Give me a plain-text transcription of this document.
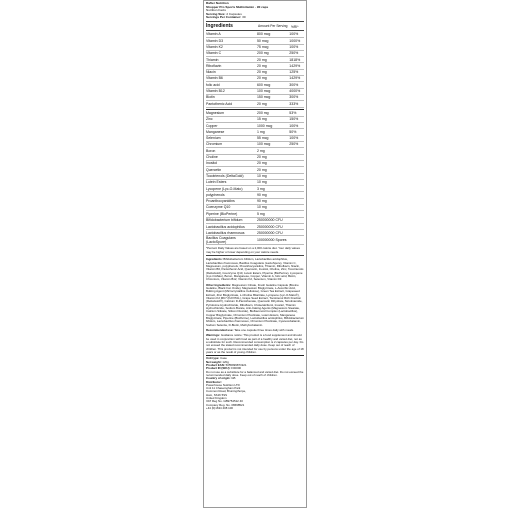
Rafter Nutrition
Shopper Pro Sports Multivitamin - 90 caps
Nutrition Facts
Serving Size: 2 Capsules
Servings Per Container: 30
Ingredients	Amount Per Serving	%RI*
Vitamin A	800 mcg	100%
Vitamin D3	50 mcg	1000%
Vitamin K2	75 mcg	100%
Vitamin C	200 mg	250%
Thiamin	20 mg	1818%
Riboflavin	20 mg	1429%
Niacin	20 mg	125%
Vitamin B6	20 mg	1429%
folic acid	600 mcg	300%
Vitamin B12	100 mcg	4000%
Biotin	150 mcg	300%
Pantothenic Acid	20 mg	333%
Magnesium	200 mg	53%
Zinc	15 mg	150%
Copper	1000 mcg	100%
Manganese	1 mg	50%
Selenium	55 mcg	100%
Chromium	100 mcg	250%
Boron	2 mg
Choline	20 mg
Inositol	20 mg
Quercetin	20 mg
Tocotrienols (DeltaGold)	10 mg
Lutein Esters	10 mg
Lycopene (Lyc-O-Mato)	3 mg
polyphenols	90 mg
Proanthocyanidins	90 mg
Coenzyme Q10	10 mg
Piperine (BioPerine)	5 mg
Bifidobacterium bifidum	250000000 CFU
Lactobacillus acidophilus	250000000 CFU
Lactobacillus rhamnosus	250000000 CFU
Bacillus Coagulans (LactoSpore)	100000000 Spores
*Percent Daily Values are based on a 2,000 calorie diet. Your daily values may be higher or lower depending on your calorie needs.
Ingredients: Bifidobacterium bifidum, Lactobacillus acidophilus, Lactobacillus rhamnosus, Bacillus Coagulans (LactoSpore), Vitamin C, Magnesium, polyphenols, Proanthocyanidins, Thiamin, Riboflavin, Niacin, Vitamin B6, Pantothenic Acid, Quercetin, Inositol, Choline, Zinc, Tocotrienols (DeltaGold), Coenzyme Q10, Lutein Esters, Piperine (BioPerine), Lycopene (Lyc-O-Mato), Boron, Manganese, Copper, Vitamin A, folic acid, Biotin, Chromium, Vitamin B12, Vitamin K2, Selenium, Vitamin D3
Other Ingredients: Magnesium Citrate, Fresh Gelatine Capsule (Bovine Gelatine, Black Iron Oxide), Magnesium Bisglycinate, L-Ascorbic Acid, Bulking Agent (Microcrystalline Cellulose), Green Tea Extract, Grapeseed Extract, Zinc Bisglycinate, L-Choline Bitartrate, Lycopene (Lyc-O-Mato®), Vitamin K2 MK7 (K2VITAL), Grape Seed Extract, Tocotrienol Rich Fraction (DeltaGold®), Calcium D-Pantothenate, Quercetin Dihydrate, Nicotinamide, Pyridoxine Hydrochloride, Riboflavin, Cholecalciferol, Inositol, Thiamin Hydrochloride, Sodium Borate, Anti-Caking Agents (Magnesium Stearate, Calcium Silicate, Silicon Dioxide), Bioflavonoid Complex (Lactobacillus), Copper Bisglycinate, Chromium Picolinate, Lutein Esters, Manganese Bisglycinate, Piperine (BioPerine), Lactobacillus acidophilus, Bifidobacterium bifidum, Lactobacillus rhamnosus, Chromium Picolinate, Cyanocobalamin, Sodium Selenite, D-Biotin, Methylcobalamin.
Recommended use: Take one capsule three times daily with meals.
Warnings: Guidance notice: This product is a food supplement and should be used in conjunction with food as part of a healthy and varied diet, not as a substitute for such. Recommended consumption is 2 capsules per day. Do not exceed the stated recommended daily dose. Keep out of reach of children. This product is not intended for use by persons under the age of 18 years or as the result of young children.
Unit type: Case
Net weight: 120g
Product EAN: 5055999871921
Product ID (SKU): F00000
Do not use as a substitute for a balanced and varied diet. Do not exceed the recommended daily dose. Keep out of reach of children.
Country of origin: GB
Distributor:
Powerhouse Nutrition LTD
Unit 11 Chaseingham Park
Common Road, Bruningthorpe,
Ham, SS16 5SS
United Kingdom
VAT Reg No. GB9754512 40
Company Reg. No. 08698521
+44 (0)1634 408 100
